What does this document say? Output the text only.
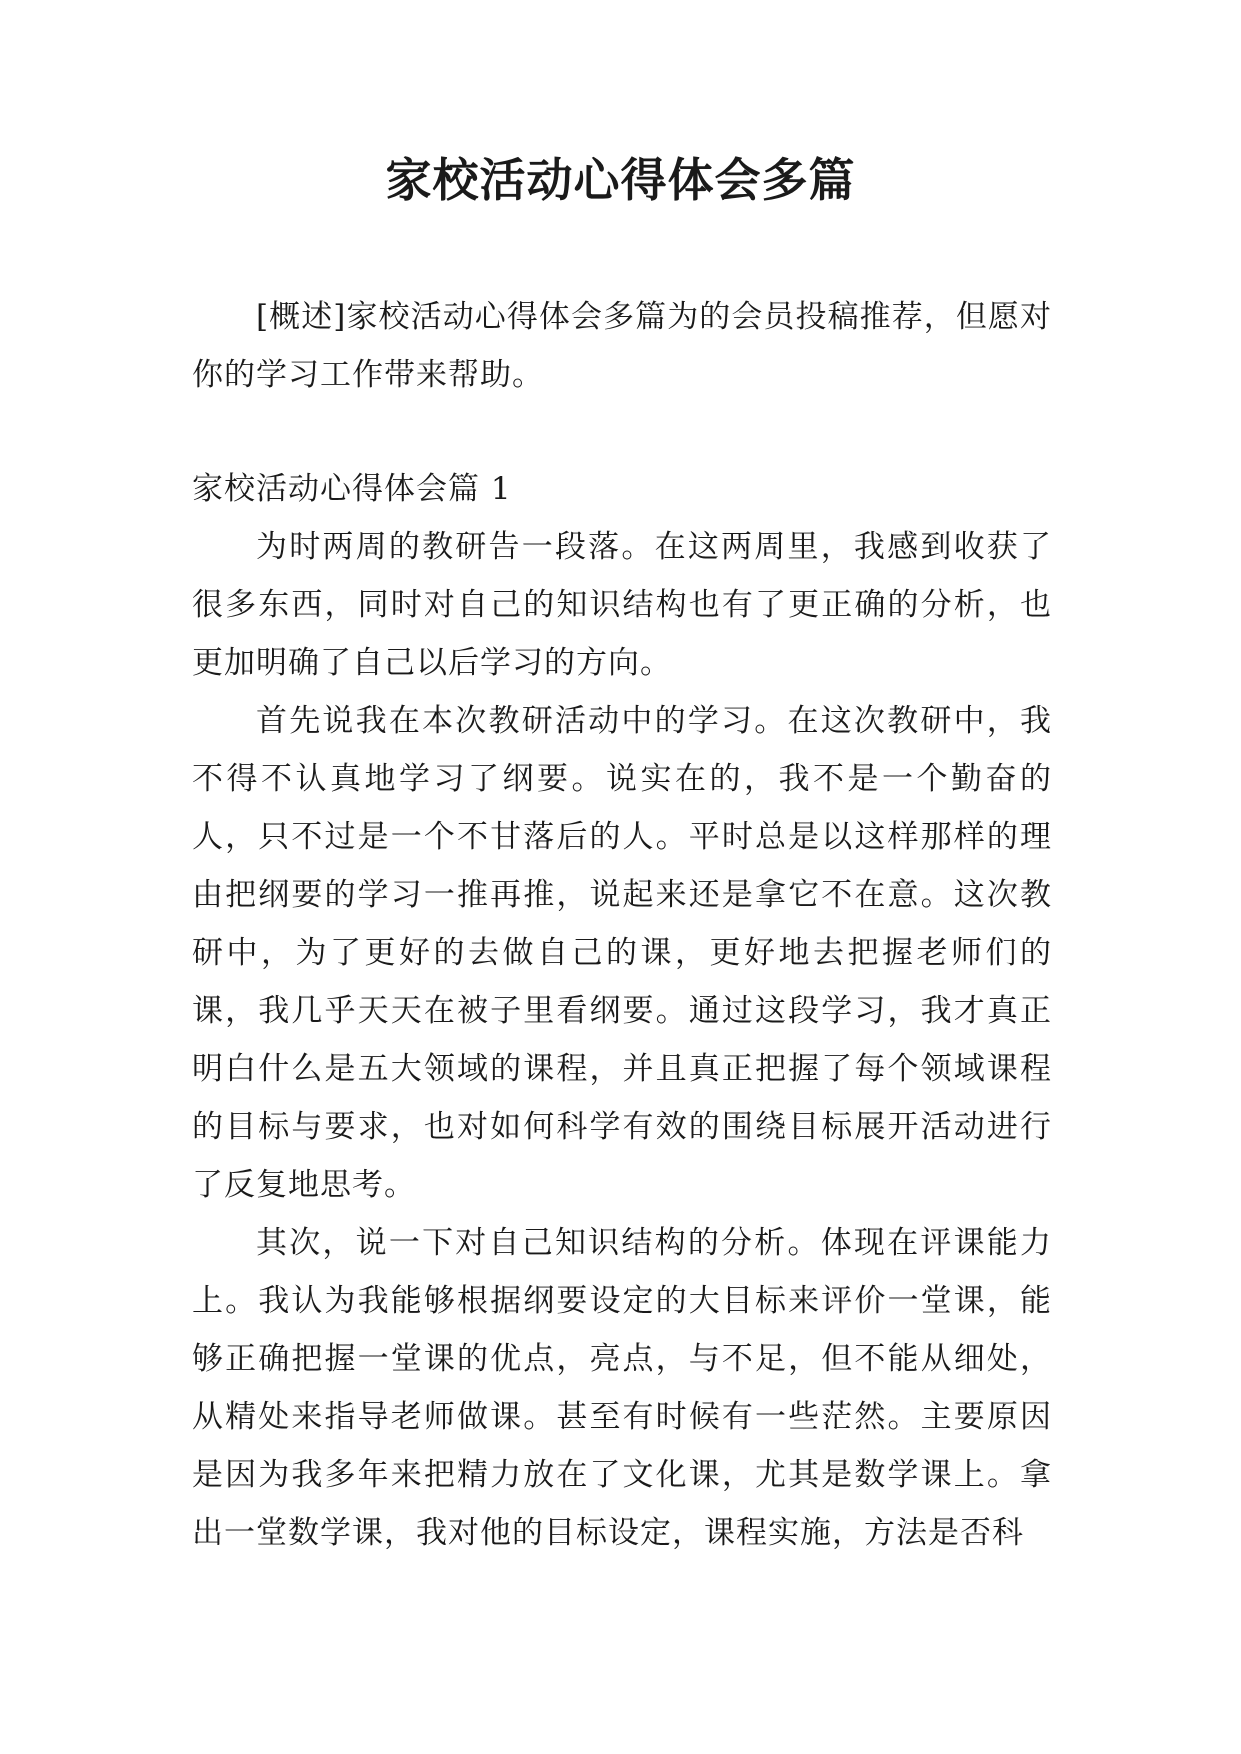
家校活动心得体会多篇

[概述]家校活动心得体会多篇为的会员投稿推荐，但愿对你的学习工作带来帮助。

家校活动心得体会篇 1

为时两周的教研告一段落。在这两周里，我感到收获了很多东西，同时对自己的知识结构也有了更正确的分析，也更加明确了自己以后学习的方向。

首先说我在本次教研活动中的学习。在这次教研中，我不得不认真地学习了纲要。说实在的，我不是一个勤奋的人，只不过是一个不甘落后的人。平时总是以这样那样的理由把纲要的学习一推再推，说起来还是拿它不在意。这次教研中，为了更好的去做自己的课，更好地去把握老师们的课，我几乎天天在被子里看纲要。通过这段学习，我才真正明白什么是五大领域的课程，并且真正把握了每个领域课程的目标与要求，也对如何科学有效的围绕目标展开活动进行了反复地思考。

其次，说一下对自己知识结构的分析。体现在评课能力上。我认为我能够根据纲要设定的大目标来评价一堂课，能够正确把握一堂课的优点，亮点，与不足，但不能从细处，从精处来指导老师做课。甚至有时候有一些茫然。主要原因是因为我多年来把精力放在了文化课，尤其是数学课上。拿出一堂数学课，我对他的目标设定，课程实施，方法是否科
